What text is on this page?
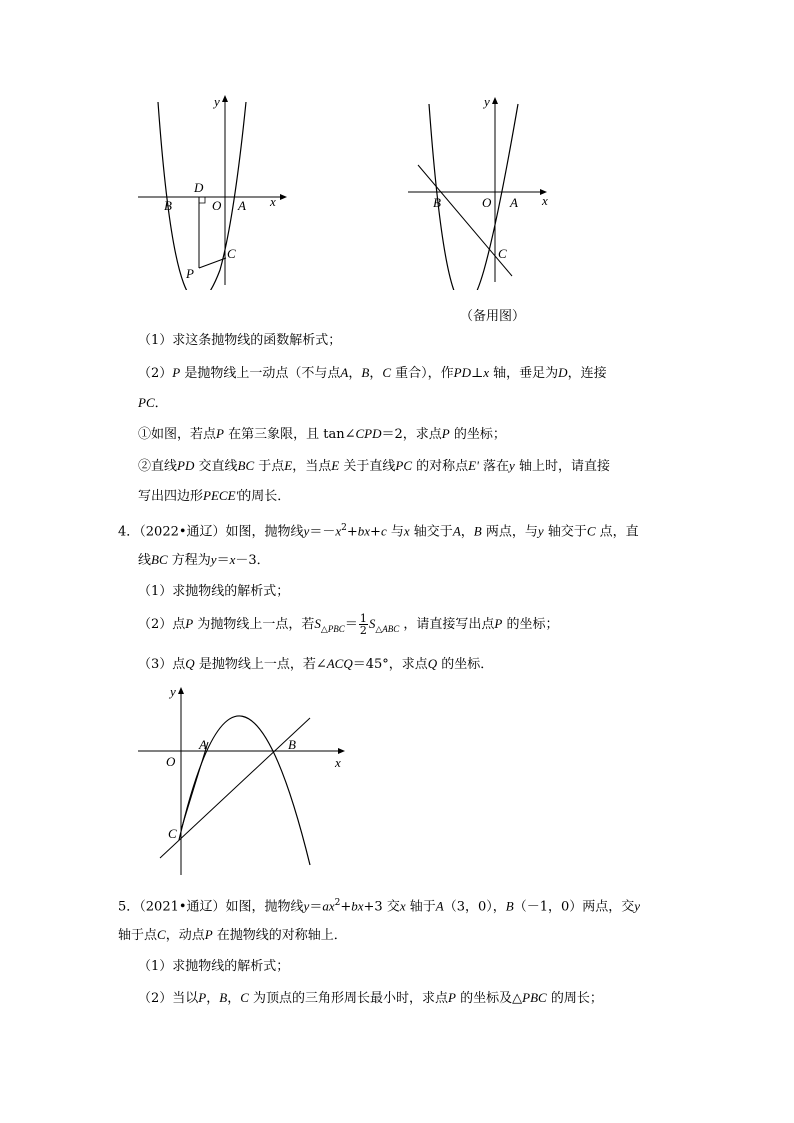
y
x
O A
B
D
C
P
y
x
O A
B
C
（备用图）
（1）求这条抛物线的函数解析式；
（2）P 是抛物线上一动点（不与点A，B，C 重合），作PD⊥x 轴，垂足为D，连接
PC．
①如图，若点P 在第三象限，且 tan∠CPD＝2，求点P 的坐标；
②直线PD 交直线BC 于点E，当点E 关于直线PC 的对称点E' 落在y 轴上时，请直接
写出四边形PECE'的周长．
4．（2022•通辽）如图，抛物线$y=-x^2+bx+c$ 与x 轴交于A，B 两点，与y 轴交于C 点，直
线BC 方程为y＝x－3．
（1）求抛物线的解析式；
（2）点P 为抛物线上一点，若$S_{\triangle PBC}= \frac{1}{2} S_{\triangle ABC}$ ，请直接写出点P 的坐标；
（3）点Q 是抛物线上一点，若∠ACQ＝45°，求点Q 的坐标．
y
x
O
A	B
C
5．（2021•通辽）如图，抛物线$y=ax^2+bx+3$ 交x 轴于A（3，0），B（－1，0）两点，交y
轴于点C，动点P 在抛物线的对称轴上．
（1）求抛物线的解析式；
（2）当以P，B，C 为顶点的三角形周长最小时，求点P 的坐标及△PBC 的周长；
